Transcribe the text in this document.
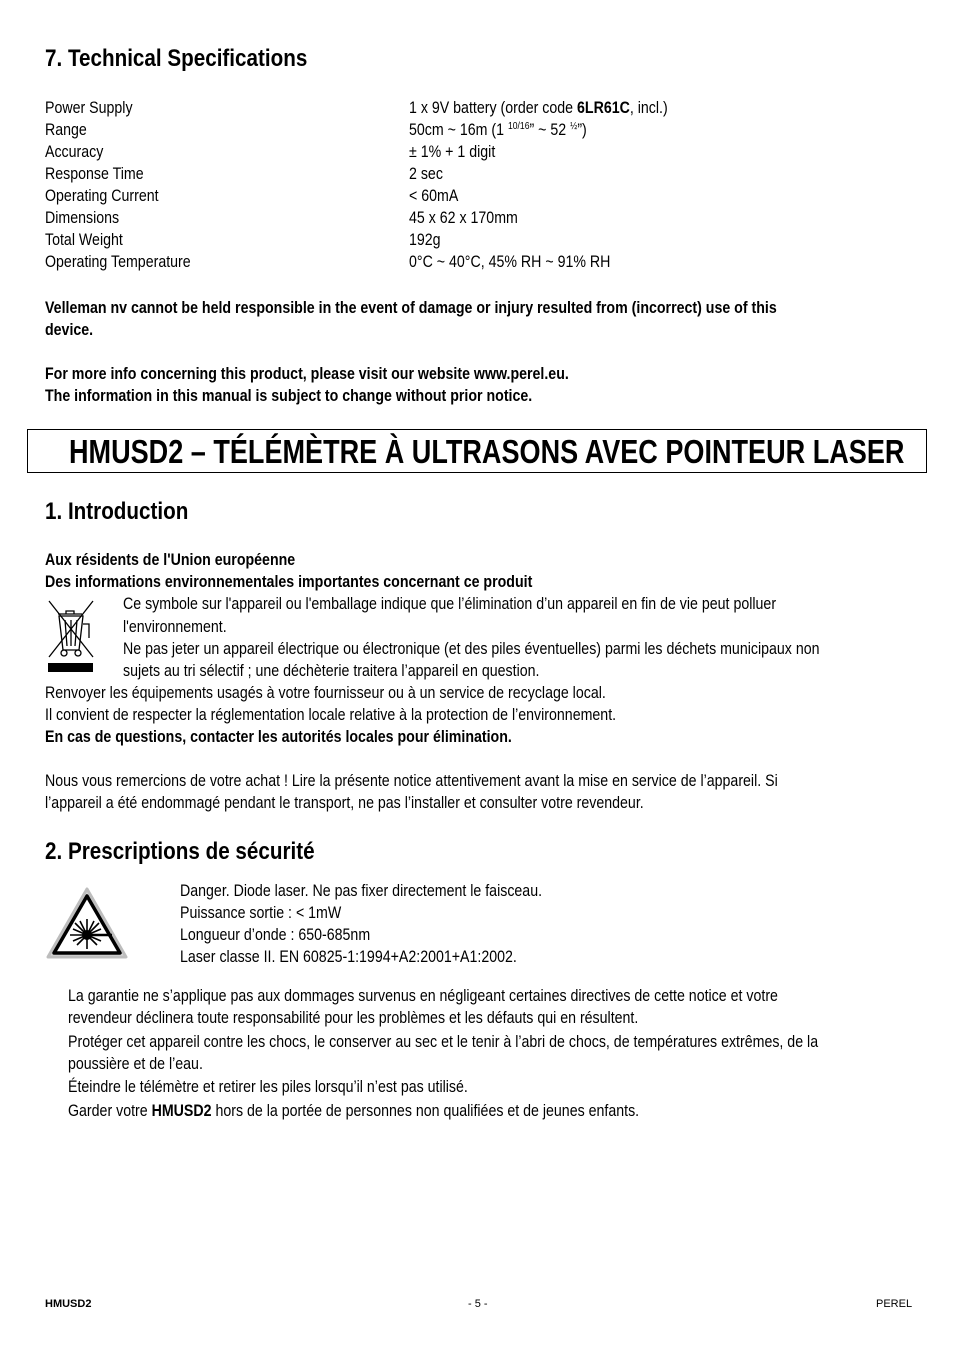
7. Technical Specifications
Power Supply	1 x 9V battery (order code 6LR61C, incl.)
Range	50cm ~ 16m (1 $^{10/16}$” ~ 52 $^{\frac{1}{2}}$”)
Accuracy	± 1% + 1 digit
Response Time	2 sec
Operating Current	< 60mA
Dimensions	45 x 62 x 170mm
Total Weight	192g
Operating Temperature	0°C ~ 40°C, 45% RH ~ 91% RH
Velleman nv cannot be held responsible in the event of damage or injury resulted from (incorrect) use of this
device.
For more info concerning this product, please visit our website www.perel.eu.
The information in this manual is subject to change without prior notice.
HMUSD2 – TÉLÉMÈTRE À ULTRASONS AVEC POINTEUR LASER
1. Introduction
Aux résidents de l'Union européenne
Des informations environnementales importantes concernant ce produit
Ce symbole sur l'appareil ou l'emballage indique que l’élimination d’un appareil en fin de vie peut polluer
l'environnement.
Ne pas jeter un appareil électrique ou électronique (et des piles éventuelles) parmi les déchets municipaux non
sujets au tri sélectif ; une déchèterie traitera l’appareil en question.
Renvoyer les équipements usagés à votre fournisseur ou à un service de recyclage local.
Il convient de respecter la réglementation locale relative à la protection de l’environnement.
En cas de questions, contacter les autorités locales pour élimination.
Nous vous remercions de votre achat ! Lire la présente notice attentivement avant la mise en service de l’appareil. Si
l’appareil a été endommagé pendant le transport, ne pas l’installer et consulter votre revendeur.
2. Prescriptions de sécurité
Danger. Diode laser. Ne pas fixer directement le faisceau.
Puissance sortie : < 1mW
Longueur d’onde : 650-685nm
Laser classe II. EN 60825-1:1994+A2:2001+A1:2002.
La garantie ne s’applique pas aux dommages survenus en négligeant certaines directives de cette notice et votre
revendeur déclinera toute responsabilité pour les problèmes et les défauts qui en résultent.
Protéger cet appareil contre les chocs, le conserver au sec et le tenir à l’abri de chocs, de températures extrêmes, de la
poussière et de l’eau.
Éteindre le télémètre et retirer les piles lorsqu’il n’est pas utilisé.
Garder votre HMUSD2 hors de la portée de personnes non qualifiées et de jeunes enfants.
HMUSD2	- 5 -	PEREL
